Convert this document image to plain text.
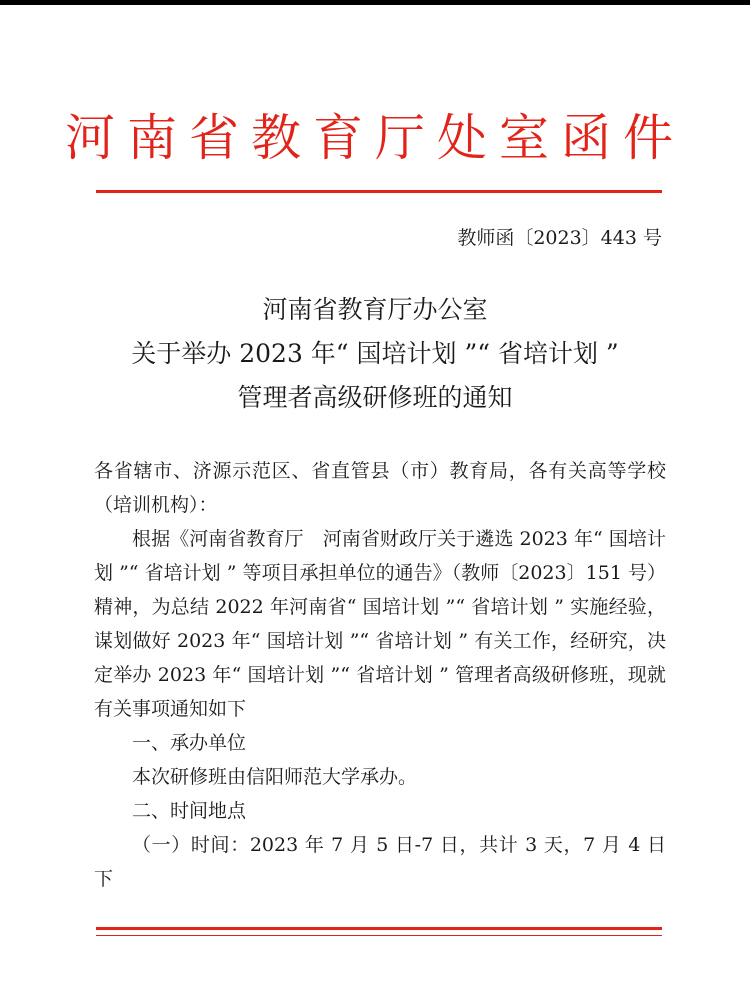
河南省教育厅处室函件
教师函〔2023〕443 号
河南省教育厅办公室
关于举办 2023 年“ 国培计划 ”“ 省培计划 ”
管理者高级研修班的通知

各省辖市、济源示范区、省直管县（市）教育局，各有关高等学校（培训机构）：

根据《河南省教育厅　河南省财政厅关于遴选 2023 年“ 国培计划 ”“ 省培计划 ” 等项目承担单位的通告》（教师〔2023〕151 号）精神，为总结 2022 年河南省“ 国培计划 ”“ 省培计划 ” 实施经验，谋划做好 2023 年“ 国培计划 ”“ 省培计划 ” 有关工作，经研究，决定举办 2023 年“ 国培计划 ”“ 省培计划 ” 管理者高级研修班，现就有关事项通知如下

一、承办单位

本次研修班由信阳师范大学承办。

二、时间地点

（一）时间：2023 年 7 月 5 日-7 日，共计 3 天，7 月 4 日下
